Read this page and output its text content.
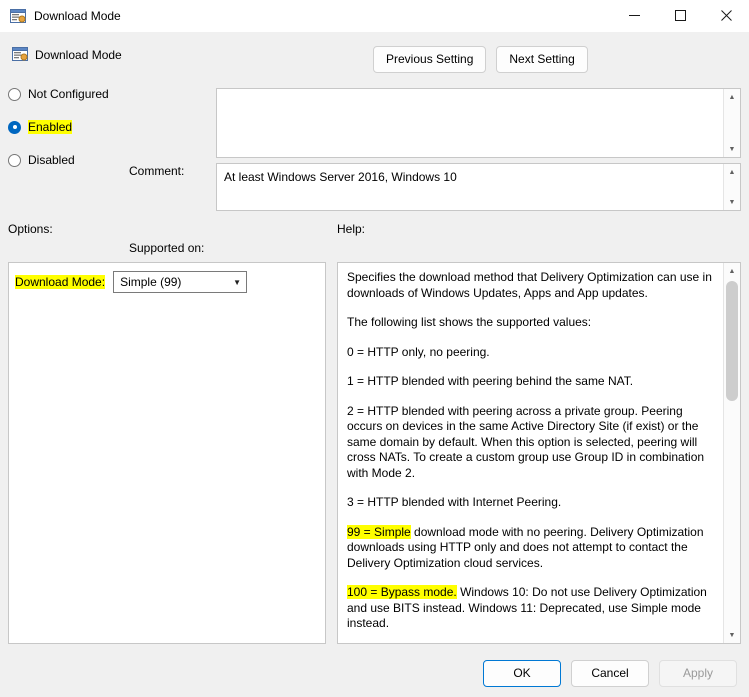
Download Mode
Download Mode	Previous Setting	Next Setting
Not Configured
Enabled
Disabled
Comment:
Supported on:
▲
▼
At least Windows Server 2016, Windows 10	▲
▼
Options:	Help:
Download Mode: Simple (99)	▼	Specifies the download method that Delivery Optimization can use in downloads of Windows Updates, Apps and App updates.

The following list shows the supported values:

0 = HTTP only, no peering.

1 = HTTP blended with peering behind the same NAT.

2 = HTTP blended with peering across a private group. Peering occurs on devices in the same Active Directory Site (if exist) or the same domain by default. When this option is selected, peering will cross NATs. To create a custom group use Group ID in combination with Mode 2.

3 = HTTP blended with Internet Peering.

99 = Simple download mode with no peering. Delivery Optimization downloads using HTTP only and does not attempt to contact the Delivery Optimization cloud services.

100 = Bypass mode. Windows 10: Do not use Delivery Optimization and use BITS instead. Windows 11: Deprecated, use Simple mode instead.

▲
▼
OK	Cancel	Apply
